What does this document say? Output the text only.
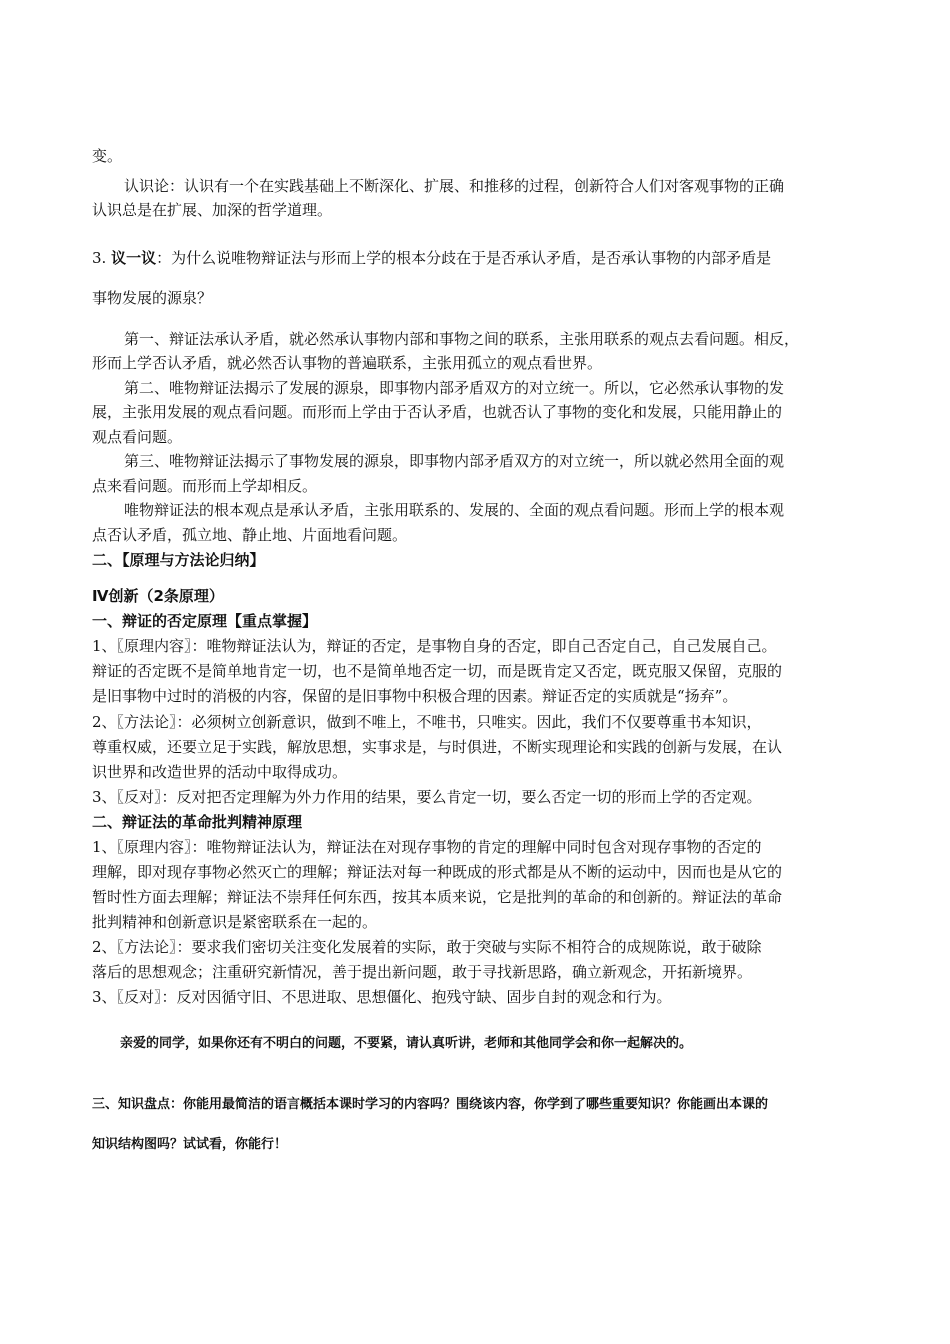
变。
认识论：认识有一个在实践基础上不断深化、扩展、和推移的过程，创新符合人们对客观事物的正确
认识总是在扩展、加深的哲学道理。
3. 议一议：为什么说唯物辩证法与形而上学的根本分歧在于是否承认矛盾，是否承认事物的内部矛盾是
事物发展的源泉？
第一、辩证法承认矛盾，就必然承认事物内部和事物之间的联系，主张用联系的观点去看问题。相反，
形而上学否认矛盾，就必然否认事物的普遍联系，主张用孤立的观点看世界。
第二、唯物辩证法揭示了发展的源泉，即事物内部矛盾双方的对立统一。所以，它必然承认事物的发
展，主张用发展的观点看问题。而形而上学由于否认矛盾，也就否认了事物的变化和发展，只能用静止的
观点看问题。
第三、唯物辩证法揭示了事物发展的源泉，即事物内部矛盾双方的对立统一，所以就必然用全面的观
点来看问题。而形而上学却相反。
唯物辩证法的根本观点是承认矛盾，主张用联系的、发展的、全面的观点看问题。形而上学的根本观
点否认矛盾，孤立地、静止地、片面地看问题。
二、【原理与方法论归纳】
Ⅳ创新（2条原理）
一、辩证的否定原理【重点掌握】
1、〖原理内容〗：唯物辩证法认为，辩证的否定，是事物自身的否定，即自己否定自己，自己发展自己。
辩证的否定既不是简单地肯定一切，也不是简单地否定一切，而是既肯定又否定，既克服又保留，克服的
是旧事物中过时的消极的内容，保留的是旧事物中积极合理的因素。辩证否定的实质就是“扬弃”。
2、〖方法论〗：必须树立创新意识，做到不唯上，不唯书，只唯实。因此，我们不仅要尊重书本知识，
尊重权威，还要立足于实践，解放思想，实事求是，与时俱进，不断实现理论和实践的创新与发展，在认
识世界和改造世界的活动中取得成功。
3、〖反对〗：反对把否定理解为外力作用的结果，要么肯定一切，要么否定一切的形而上学的否定观。
二、辩证法的革命批判精神原理
1、〖原理内容〗：唯物辩证法认为，辩证法在对现存事物的肯定的理解中同时包含对现存事物的否定的
理解，即对现存事物必然灭亡的理解；辩证法对每一种既成的形式都是从不断的运动中，因而也是从它的
暂时性方面去理解；辩证法不崇拜任何东西，按其本质来说，它是批判的革命的和创新的。辩证法的革命
批判精神和创新意识是紧密联系在一起的。
2、〖方法论〗：要求我们密切关注变化发展着的实际，敢于突破与实际不相符合的成规陈说，敢于破除
落后的思想观念；注重研究新情况，善于提出新问题，敢于寻找新思路，确立新观念，开拓新境界。
3、〖反对〗：反对因循守旧、不思进取、思想僵化、抱残守缺、固步自封的观念和行为。
亲爱的同学，如果你还有不明白的问题，不要紧，请认真听讲，老师和其他同学会和你一起解决的。
三、知识盘点：你能用最简洁的语言概括本课时学习的内容吗？围绕该内容，你学到了哪些重要知识？你能画出本课的
知识结构图吗？试试看，你能行！
